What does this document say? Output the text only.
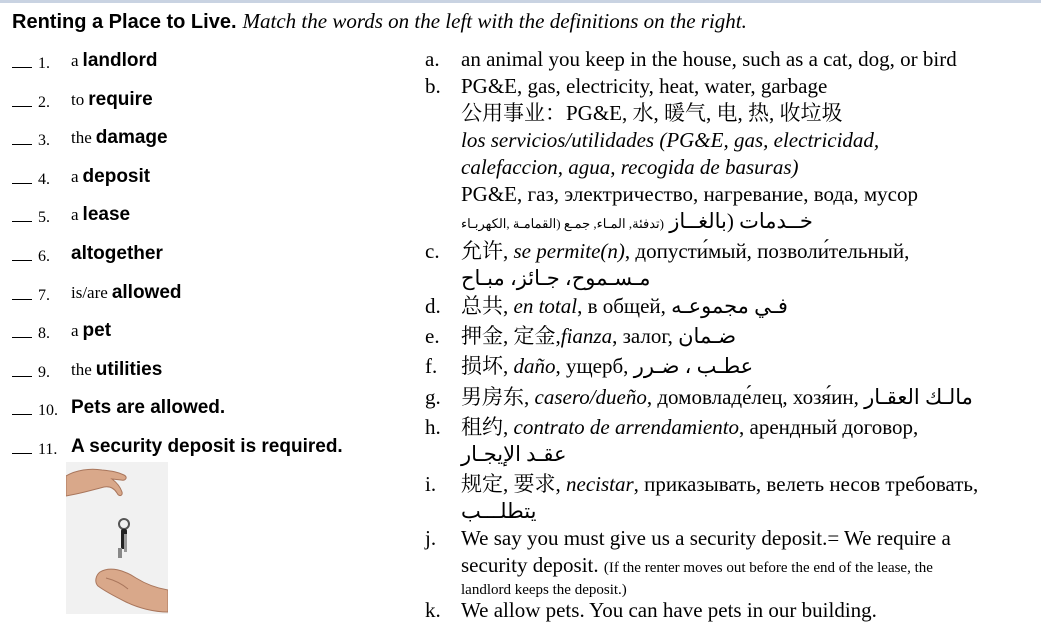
Renting a Place to Live. Match the words on the left with the definitions on the right.
1. a landlord
2. to require
3. the damage
4. a deposit
5. a lease
6. altogether
7. is/are allowed
8. a pet
9. the utilities
10. Pets are allowed.
11. A security deposit is required.
a. an animal you keep in the house, such as a cat, dog, or bird
b. PG&E, gas, electricity, heat, water, garbage
公用事业：PG&E, 水, 暖气, 电, 热, 收垃圾
los servicios/utilidades (PG&E, gas, electricidad,
calefaccion, agua, recogida de basuras)
PG&E, газ, электричество, нагревание, вода, мусор
خــدمات (بالغــاز (تدفئة, المـاء, جمـع (القمامـة ,الكهربـاء
c. 允许, se permite(n), допусти́мый, позволи́тельный,
مـسـموح، جـائز، مبـاح
d. 总共, en total, в общей, فـي مجموعـه
e. 押金, 定金,fianza, залог, ضـمان
f. 损坏, daño, ущерб, عطـب ، ضـرر
g. 男房东, casero/dueño, домовладе́лец, хозя́ин, مالـك العقـار
h. 租约, contrato de arrendamiento, арендный договор,
عقـد الإيجـار
i. 规定, 要求, necistar, приказывать, велеть несов требовать,
يتطلـــب
j. We say you must give us a security deposit.= We require a
security deposit. (If the renter moves out before the end of the lease, the
landlord keeps the deposit.)
k. We allow pets. You can have pets in our building.
